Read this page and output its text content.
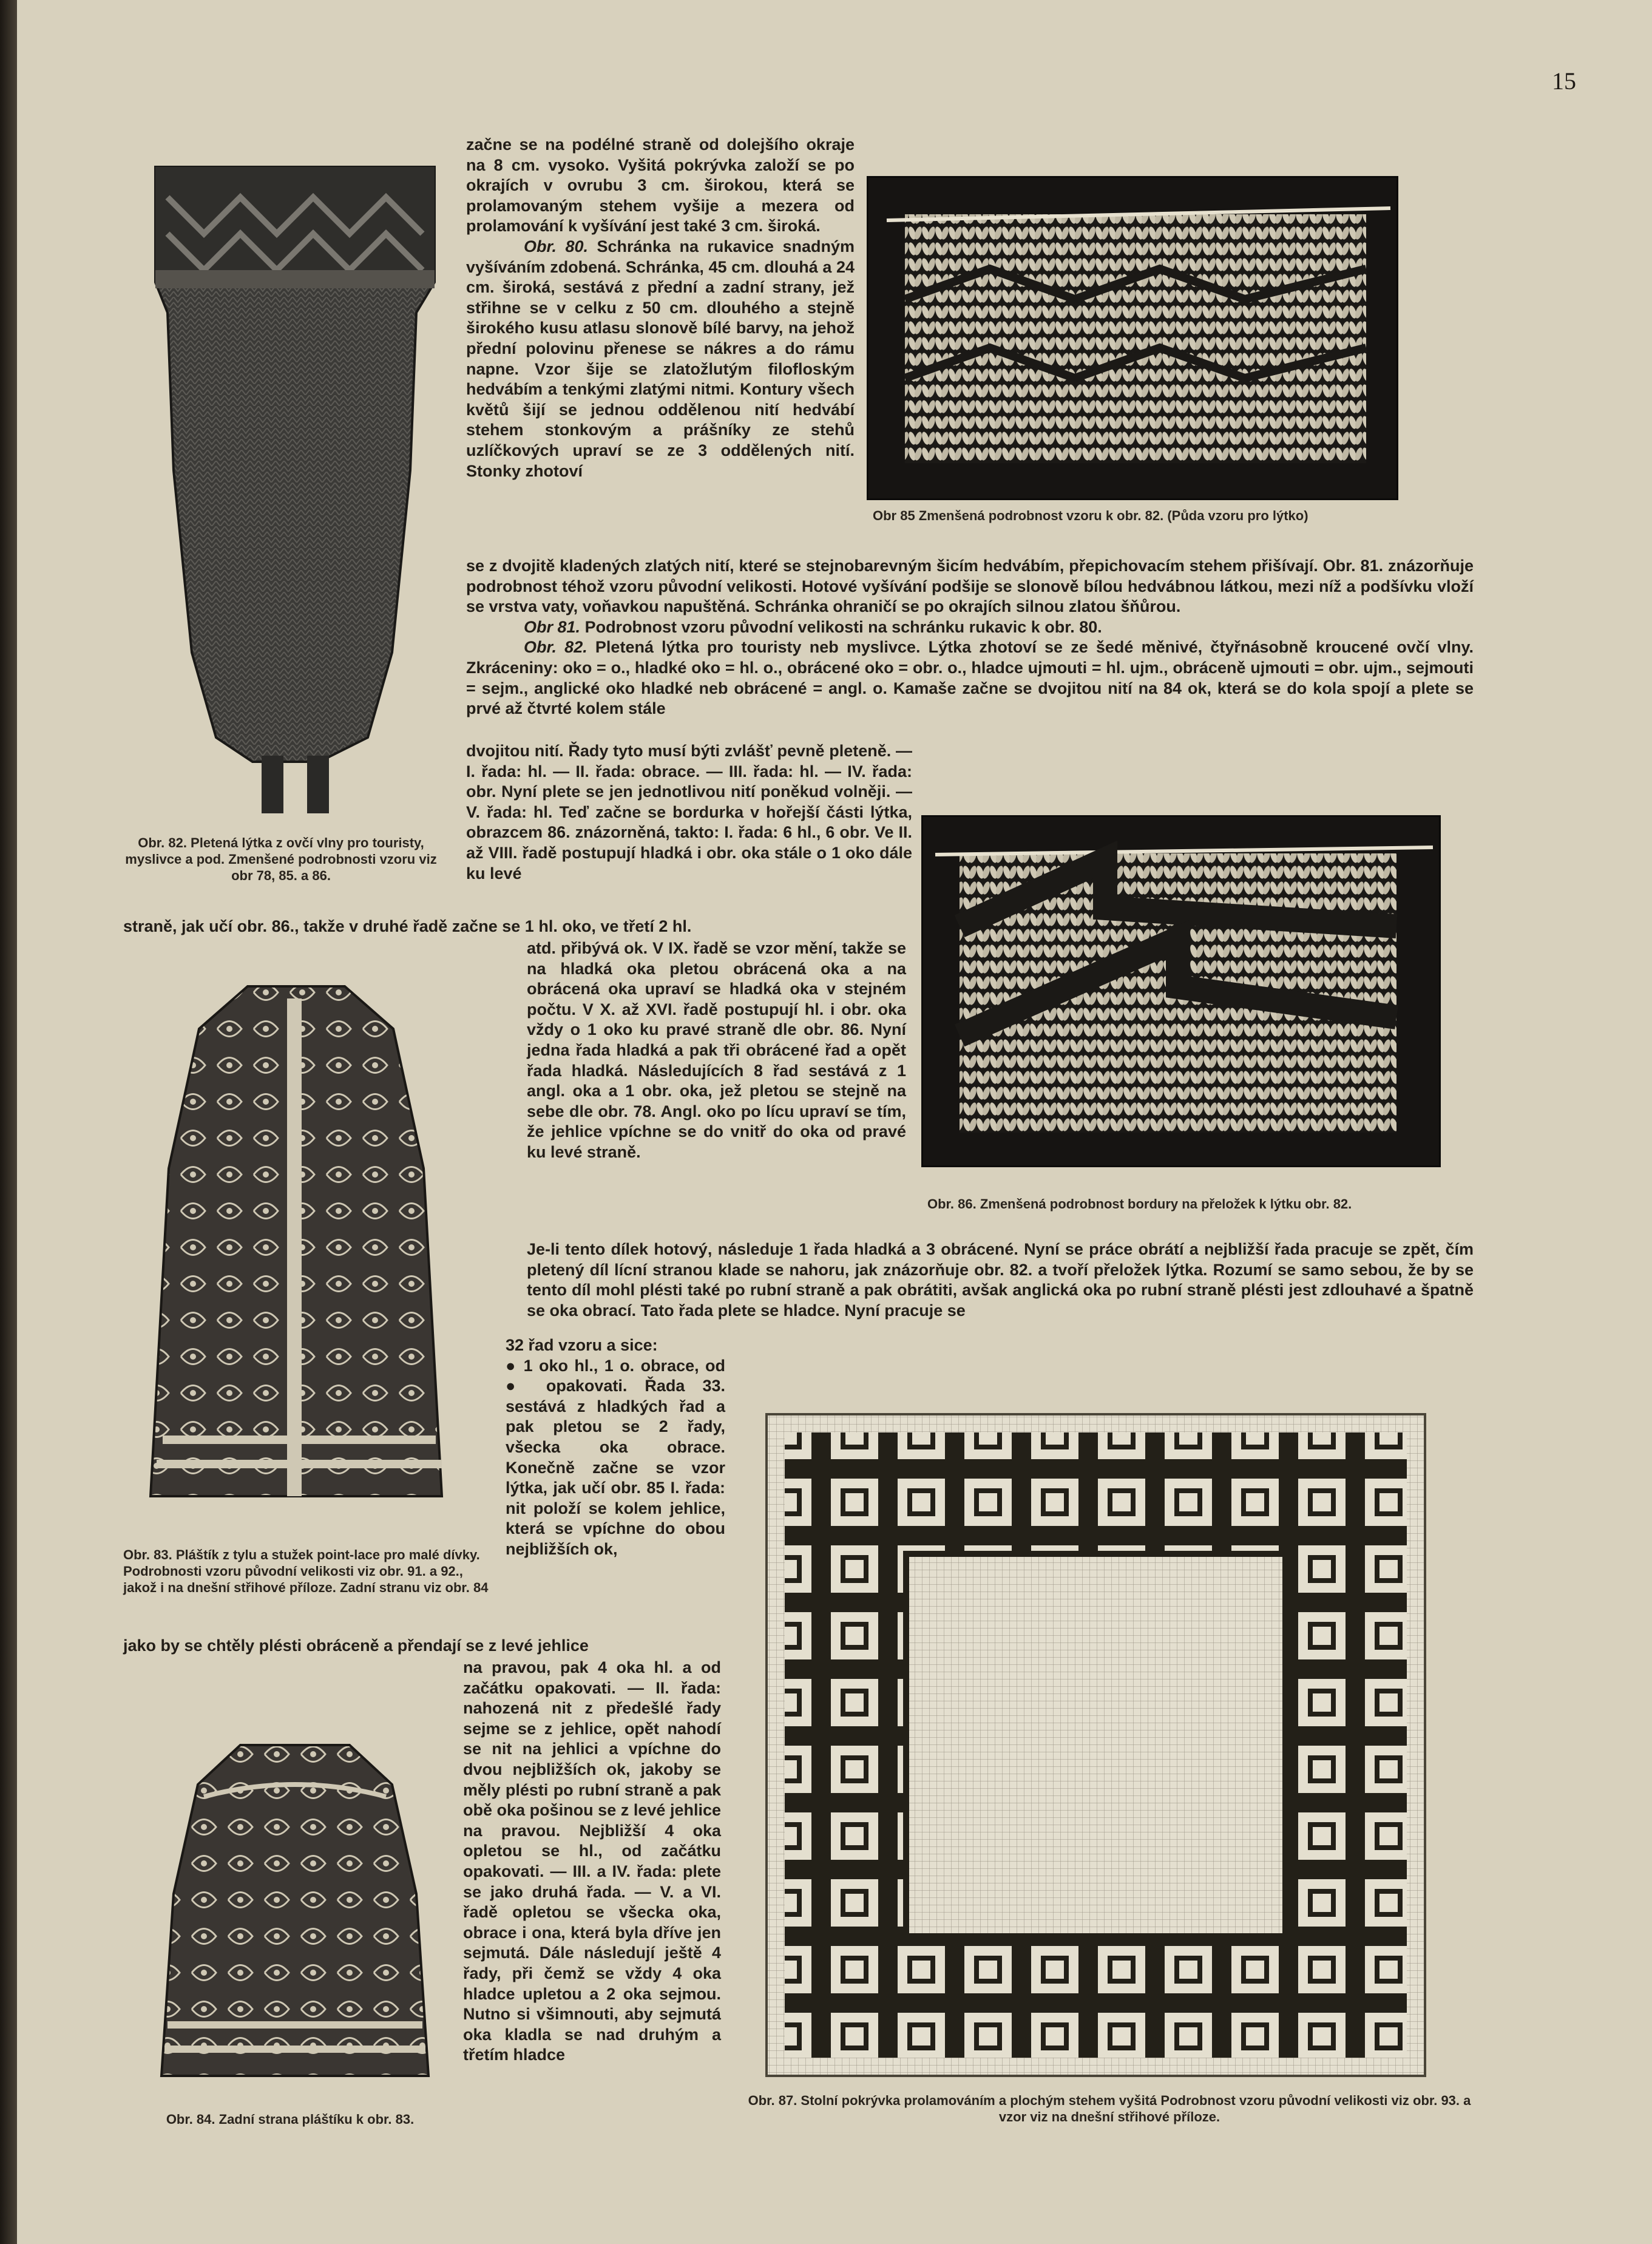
15
Obr. 82. Pletená lýtka z ovčí vlny pro touristy, myslivce a pod. Zmenšené podrobnosti vzoru viz obr 78, 85. a 86.
Obr. 83. Pláštík z tylu a stužek point-lace pro malé dívky. Podrobnosti vzoru původní velikosti viz obr. 91. a 92., jakož i na dnešní střihové příloze. Zadní stranu viz obr. 84
Obr. 84. Zadní strana pláštíku k obr. 83.
Obr 85 Zmenšená podrobnost vzoru k obr. 82. (Půda vzoru pro lýtko)
Obr. 86. Zmenšená podrobnost bordury na přeložek k lýtku obr. 82.
Obr. 87. Stolní pokrývka prolamováním a plochým stehem vyšitá Podrobnost vzoru původní velikosti viz obr. 93. a vzor viz na dnešní střihové příloze.

začne se na podélné straně od dolejšího okraje na 8 cm. vysoko. Vyšitá pokrývka založí se po okrajích v ovrubu 3 cm. širokou, která se prolamovaným stehem vyšije a mezera od prolamování k vyšívání jest také 3 cm. široká.

Obr. 80. Schránka na rukavice snadným vyšíváním zdobená. Schránka, 45 cm. dlouhá a 24 cm. široká, sestává z přední a zadní strany, jež střihne se v celku z 50 cm. dlouhého a stejně širokého kusu atlasu slonově bílé barvy, na jehož přední polovinu přenese se nákres a do rámu napne. Vzor šije se zlatožlutým filofloským hedvábím a tenkými zlatými nitmi. Kontury všech květů šijí se jednou oddělenou nití hedvábí stehem stonkovým a prášníky ze stehů uzlíčkových upraví se ze 3 oddělených nití. Stonky zhotoví

se z dvojitě kladených zlatých nití, které se stejnobarevným šicím hedvábím, přepichovacím stehem přišívají. Obr. 81. znázorňuje podrobnost téhož vzoru původní velikosti. Hotové vyšívání podšije se slonově bílou hedvábnou látkou, mezi níž a podšívku vloží se vrstva vaty, voňavkou napuštěná. Schránka ohraničí se po okrajích silnou zlatou šňůrou.

Obr 81. Podrobnost vzoru původní velikosti na schránku rukavic k obr. 80.

Obr. 82. Pletená lýtka pro touristy neb myslivce. Lýtka zhotoví se ze šedé měnivé, čtyřnásobně kroucené ovčí vlny. Zkráceniny: oko = o., hladké oko = hl. o., obrácené oko = obr. o., hladce ujmouti = hl. ujm., obráceně ujmouti = obr. ujm., sejmouti = sejm., anglické oko hladké neb obrácené = angl. o. Kamaše začne se dvojitou nití na 84 ok, která se do kola spojí a plete se prvé až čtvrté kolem stále

dvojitou nití. Řady tyto musí býti zvlášť pevně pleteně. — I. řada: hl. — II. řada: obrace. — III. řada: hl. — IV. řada: obr. Nyní plete se jen jednotlivou nití poněkud volněji. — V. řada: hl. Teď začne se bordurka v hořejší části lýtka, obrazcem 86. znázorněná, takto: I. řada: 6 hl., 6 obr. Ve II. až VIII. řadě postupují hladká i obr. oka stále o 1 oko dále ku levé

straně, jak učí obr. 86., takže v druhé řadě začne se 1 hl. oko, ve třetí 2 hl.

atd. přibývá ok. V IX. řadě se vzor mění, takže se na hladká oka pletou obrácená oka a na obrácená oka upraví se hladká oka v stejném počtu. V X. až XVI. řadě postupují hl. i obr. oka vždy o 1 oko ku pravé straně dle obr. 86. Nyní jedna řada hladká a pak tři obrácené řad a opět řada hladká. Následujících 8 řad sestává z 1 angl. oka a 1 obr. oka, jež pletou se stejně na sebe dle obr. 78. Angl. oko po lícu upraví se tím, že jehlice vpíchne se do vnitř do oka od pravé ku levé straně.

Je-li tento dílek hotový, následuje 1 řada hladká a 3 obrácené. Nyní se práce obrátí a nejbližší řada pracuje se zpět, čím pletený díl lícní stranou klade se nahoru, jak znázorňuje obr. 82. a tvoří přeložek lýtka. Rozumí se samo sebou, že by se tento díl mohl plésti také po rubní straně a pak obrátiti, avšak anglická oka po rubní straně plésti jest zdlouhavé a špatně se oka obrací. Tato řada plete se hladce. Nyní pracuje se

32 řad vzoru a sice:

● 1 oko hl., 1 o. obrace, od ● opakovati. Řada 33. sestává z hladkých řad a pak pletou se 2 řady, všecka oka obrace. Konečně začne se vzor lýtka, jak učí obr. 85 I. řada: nit položí se kolem jehlice, která se vpíchne do obou nejbližších ok,

jako by se chtěly plésti obráceně a přendají se z levé jehlice

na pravou, pak 4 oka hl. a od začátku opakovati. — II. řada: nahozená nit z předešlé řady sejme se z jehlice, opět nahodí se nit na jehlici a vpíchne do dvou nejbližších ok, jakoby se měly plésti po rubní straně a pak obě oka pošinou se z levé jehlice na pravou. Nejbližší 4 oka opletou se hl., od začátku opakovati. — III. a IV. řada: plete se jako druhá řada. — V. a VI. řadě opletou se všecka oka, obrace i ona, která byla dříve jen sejmutá. Dále následují ještě 4 řady, při čemž se vždy 4 oka hladce upletou a 2 oka sejmou. Nutno si všimnouti, aby sejmutá oka kladla se nad druhým a třetím hladce
